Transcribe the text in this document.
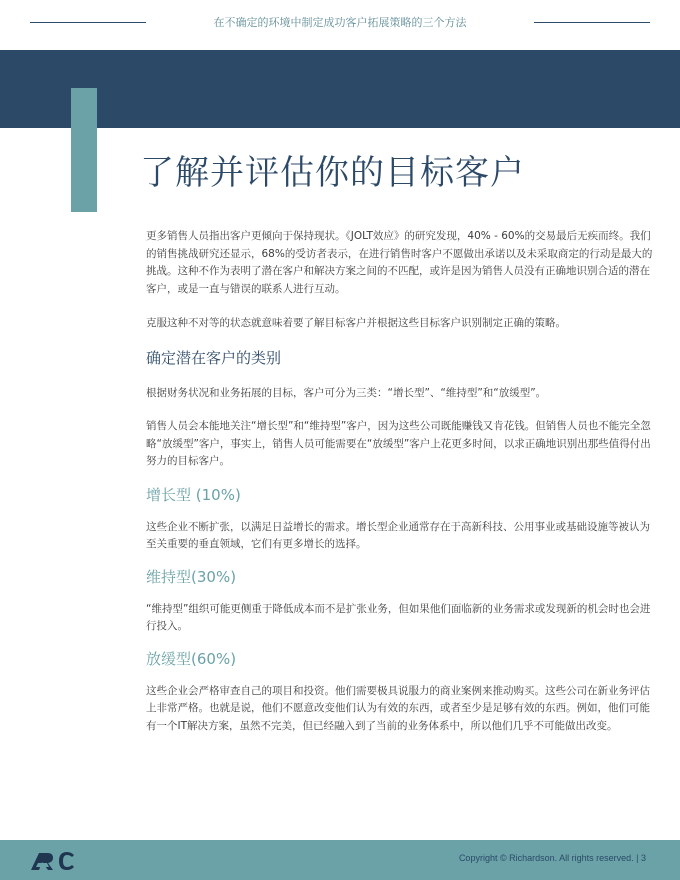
在不确定的环境中制定成功客户拓展策略的三个方法
了解并评估你的目标客户

更多销售人员指出客户更倾向于保持现状。《JOLT效应》的研究发现，40% - 60%的交易最后无疾而终。我们的销售挑战研究还显示，68%的受访者表示，在进行销售时客户不愿做出承诺以及未采取商定的行动是最大的挑战。这种不作为表明了潜在客户和解决方案之间的不匹配，或许是因为销售人员没有正确地识别合适的潜在客户，或是一直与错误的联系人进行互动。

克服这种不对等的状态就意味着要了解目标客户并根据这些目标客户识别制定正确的策略。

确定潜在客户的类别

根据财务状况和业务拓展的目标，客户可分为三类：“增长型”、“维持型”和“放缓型”。

销售人员会本能地关注“增长型”和“维持型”客户，因为这些公司既能赚钱又肯花钱。但销售人员也不能完全忽略“放缓型”客户，事实上，销售人员可能需要在“放缓型”客户上花更多时间，以求正确地识别出那些值得付出努力的目标客户。

增长型 (10%)

这些企业不断扩张，以满足日益增长的需求。增长型企业通常存在于高新科技、公用事业或基础设施等被认为至关重要的垂直领域，它们有更多增长的选择。

维持型(30%)

“维持型”组织可能更侧重于降低成本而不是扩张业务，但如果他们面临新的业务需求或发现新的机会时也会进行投入。

放缓型(60%)

这些企业会严格审查自己的项目和投资。他们需要极具说服力的商业案例来推动购买。这些公司在新业务评估上非常严格。也就是说，他们不愿意改变他们认为有效的东西，或者至少是足够有效的东西。例如，他们可能有一个IT解决方案，虽然不完美，但已经融入到了当前的业务体系中，所以他们几乎不可能做出改变。

Copyright © Richardson. All rights reserved. | 3
